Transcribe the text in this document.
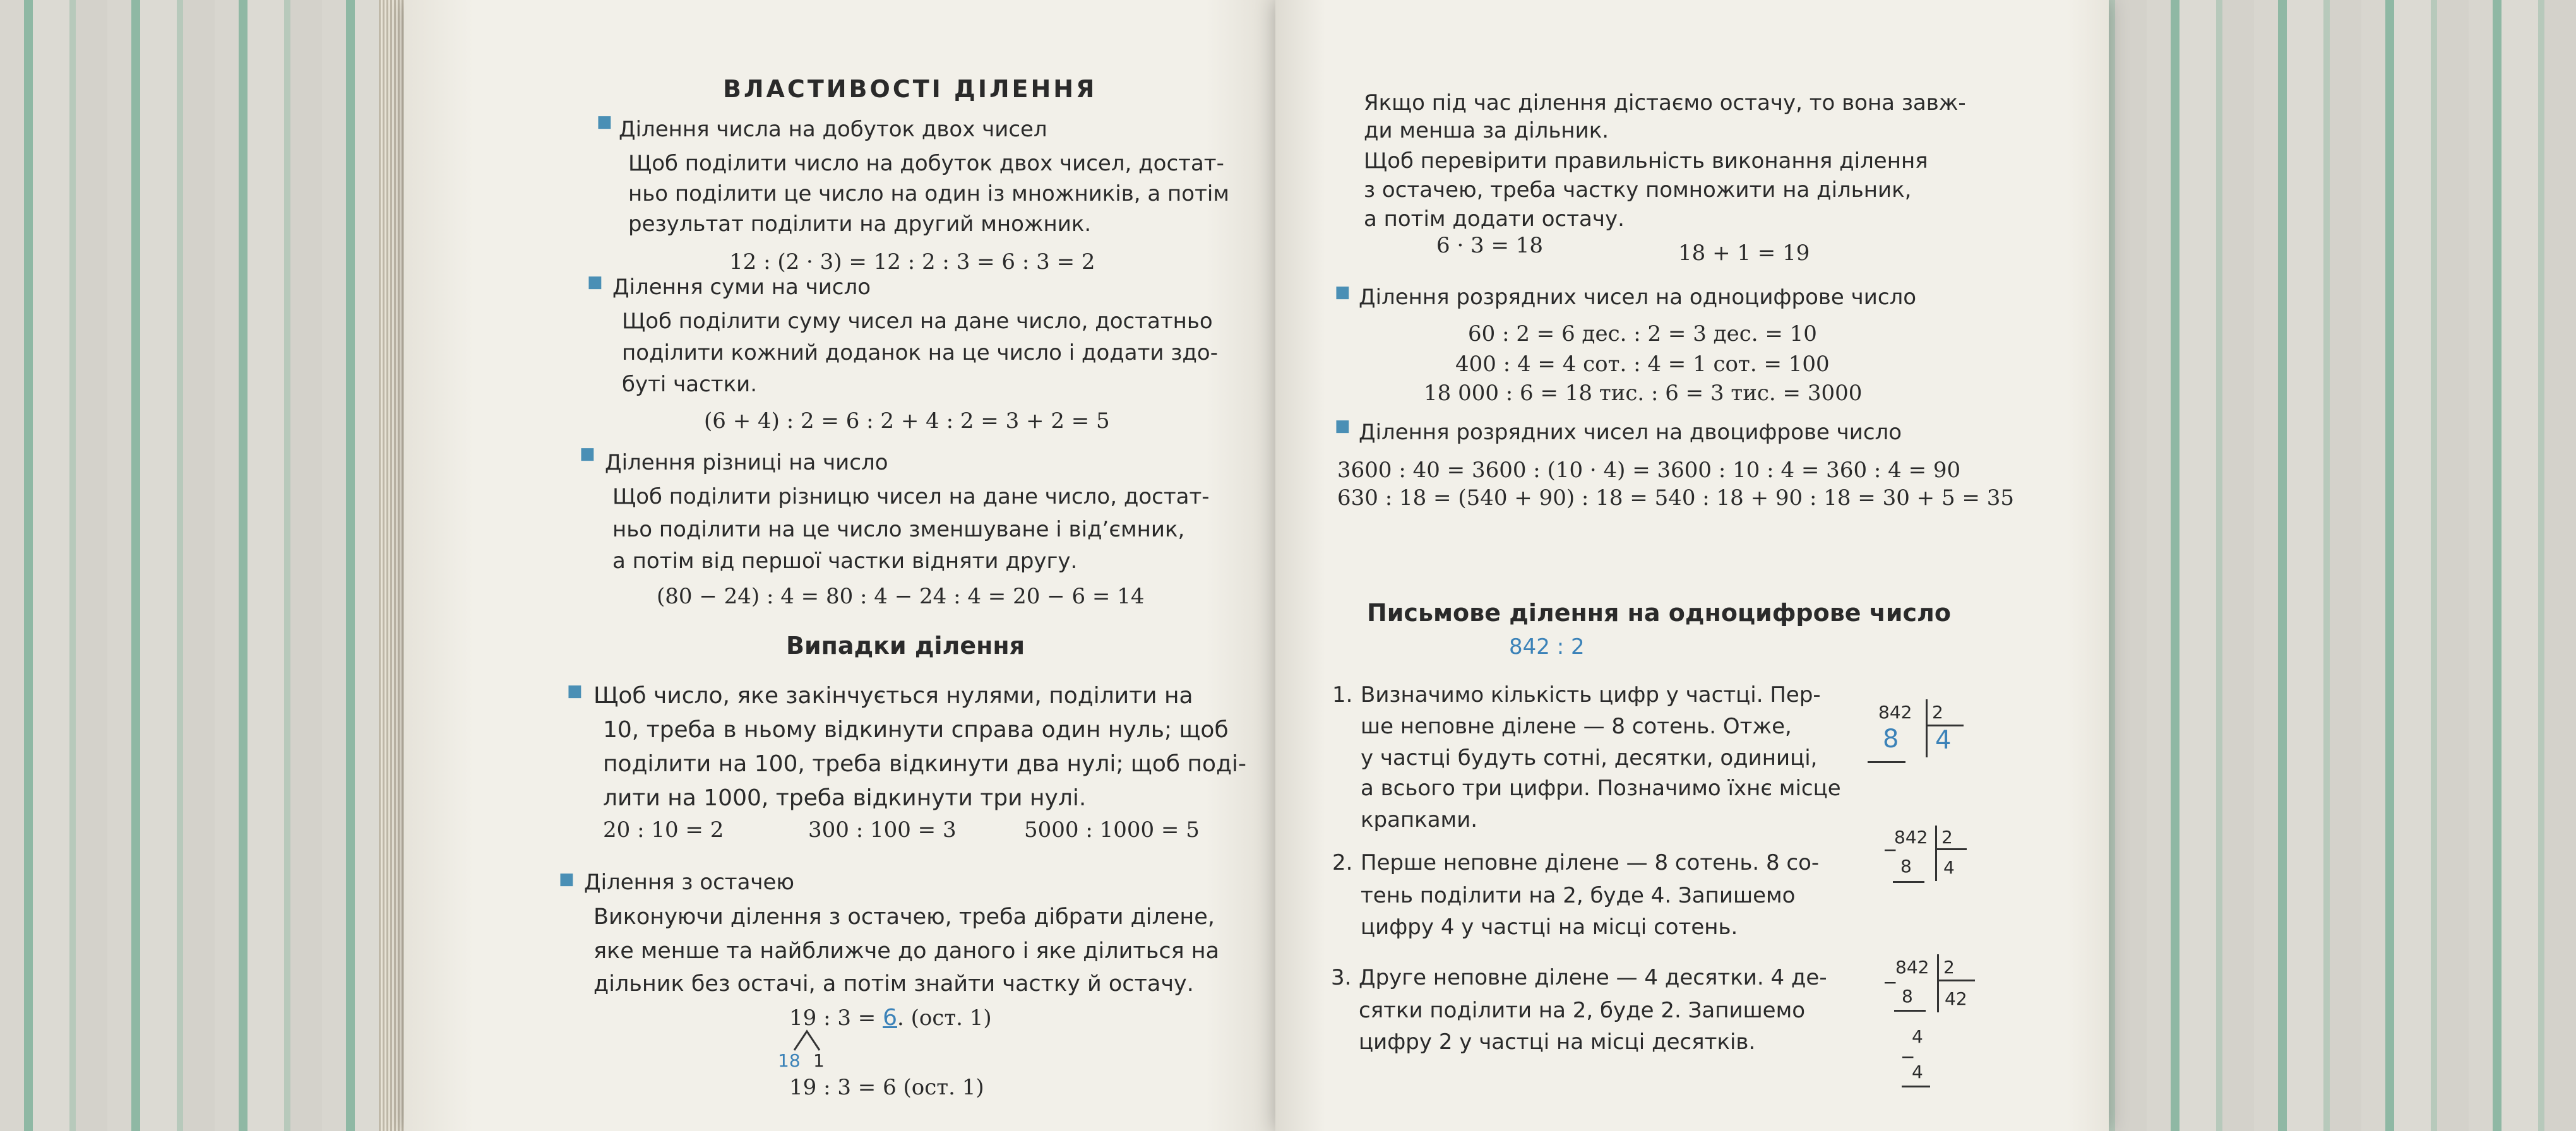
ВЛАСТИВОСТІ ДІЛЕННЯ
■ Ділення числа на добуток двох чисел
Щоб поділити число на добуток двох чисел, достат-
ньо поділити це число на один із множників, а потім
результат поділити на другий множник.
12 : (2 · 3) = 12 : 2 : 3 = 6 : 3 = 2
■ Ділення суми на число
Щоб поділити суму чисел на дане число, достатньо
поділити кожний доданок на це число і додати здо-
буті частки.
(6 + 4) : 2 = 6 : 2 + 4 : 2 = 3 + 2 = 5
■ Ділення різниці на число
Щоб поділити різницю чисел на дане число, достат-
ньо поділити на це число зменшуване і від’ємник,
а потім від першої частки відняти другу.
(80 − 24) : 4 = 80 : 4 − 24 : 4 = 20 − 6 = 14
Випадки ділення
■ Щоб число, яке закінчується нулями, поділити на
10, треба в ньому відкинути справа один нуль; щоб
поділити на 100, треба відкинути два нулі; щоб поді-
лити на 1000, треба відкинути три нулі.
20 : 10 = 2	300 : 100 = 3	5000 : 1000 = 5
■ Ділення з остачею
Виконуючи ділення з остачею, треба дібрати ділене,
яке менше та найближче до даного і яке ділиться на
дільник без остачі, а потім знайти частку й остачу.
19 : 3 = 6. (ост. 1)
18 1
19 : 3 = 6 (ост. 1)
Якщо під час ділення дістаємо остачу, то вона завж-
ди менша за дільник.
Щоб перевірити правильність виконання ділення
з остачею, треба частку помножити на дільник,
а потім додати остачу.
6 · 3 = 18	18 + 1 = 19
■ Ділення розрядних чисел на одноцифрове число
60 : 2 = 6 дес. : 2 = 3 дес. = 10
400 : 4 = 4 сот. : 4 = 1 сот. = 100
18 000 : 6 = 18 тис. : 6 = 3 тис. = 3000
■ Ділення розрядних чисел на двоцифрове число
3600 : 40 = 3600 : (10 · 4) = 3600 : 10 : 4 = 360 : 4 = 90
630 : 18 = (540 + 90) : 18 = 540 : 18 + 90 : 18 = 30 + 5 = 35
Письмове ділення на одноцифрове число
842 : 2
1. Визначимо кількість цифр у частці. Пер-
ше неповне ділене — 8 сотень. Отже,
у частці будуть сотні, десятки, одиниці,
а всього три цифри. Позначимо їхнє місце
крапками.
842 2
8 4
2. Перше неповне ділене — 8 сотень. 8 со-
тень поділити на 2, буде 4. Запишемо
цифру 4 у частці на місці сотень.
−
842 2
8 4
3. Друге неповне ділене — 4 десятки. 4 де-
сятки поділити на 2, буде 2. Запишемо
цифру 2 у частці на місці десятків.
−
842 2
8 42
4
−
4
